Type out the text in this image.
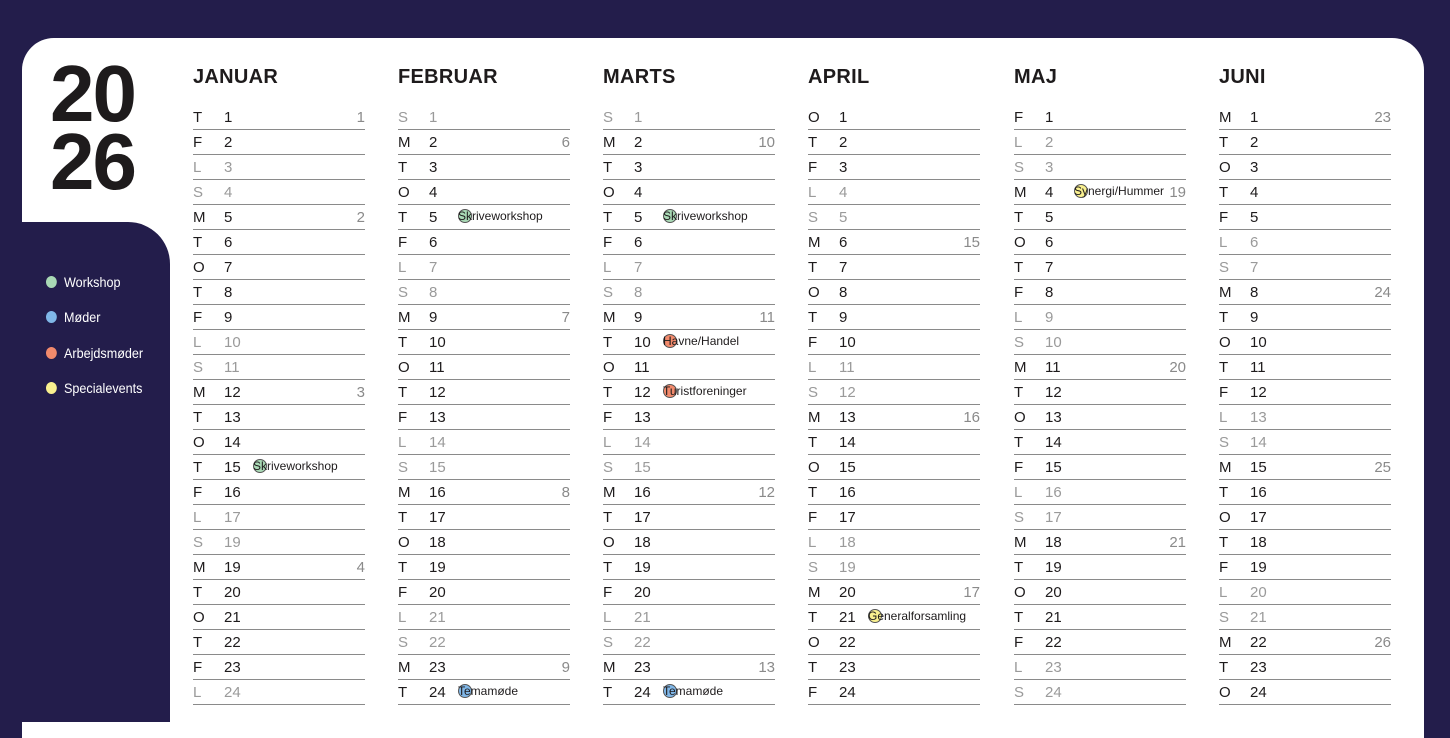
20
26
Workshop
Møder
Arbejdsmøder
Specialevents
JANUAR
T 1	1
F 2
L 3
S 4
M 5	2
T 6
O 7
T 8
F 9
L 10
S 11
M 12	3
T 13
O 14
T 15 Skriveworkshop
F 16
L 17
S 19
M 19	4
T 20
O 21
T 22
F 23
L 24
FEBRUAR
S 1
M 2	6
T 3
O 4
T 5 Skriveworkshop
F 6
L 7
S 8
M 9	7
T 10
O 11
T 12
F 13
L 14
S 15
M 16	8
T 17
O 18
T 19
F 20
L 21
S 22
M 23	9
T 24 Temamøde
MARTS
S 1
M 2	10
T 3
O 4
T 5 Skriveworkshop
F 6
L 7
S 8
M 9	11
T 10 Havne/Handel
O 11
T 12 Turistforeninger
F 13
L 14
S 15
M 16	12
T 17
O 18
T 19
F 20
L 21
S 22
M 23	13
T 24 Temamøde
APRIL
O 1
T 2
F 3
L 4
S 5
M 6	15
T 7
O 8
T 9
F 10
L 11
S 12
M 13	16
T 14
O 15
T 16
F 17
L 18
S 19
M 20	17
T 21 Generalforsamling
O 22
T 23
F 24
MAJ
F 1
L 2
S 3
M 4 Synergi/Hummer 19
T 5
O 6
T 7
F 8
L 9
S 10
M 11	20
T 12
O 13
T 14
F 15
L 16
S 17
M 18	21
T 19
O 20
T 21
F 22
L 23
S 24
JUNI
M 1	23
T 2
O 3
T 4
F 5
L 6
S 7
M 8	24
T 9
O 10
T 11
F 12
L 13
S 14
M 15	25
T 16
O 17
T 18
F 19
L 20
S 21
M 22	26
T 23
O 24
